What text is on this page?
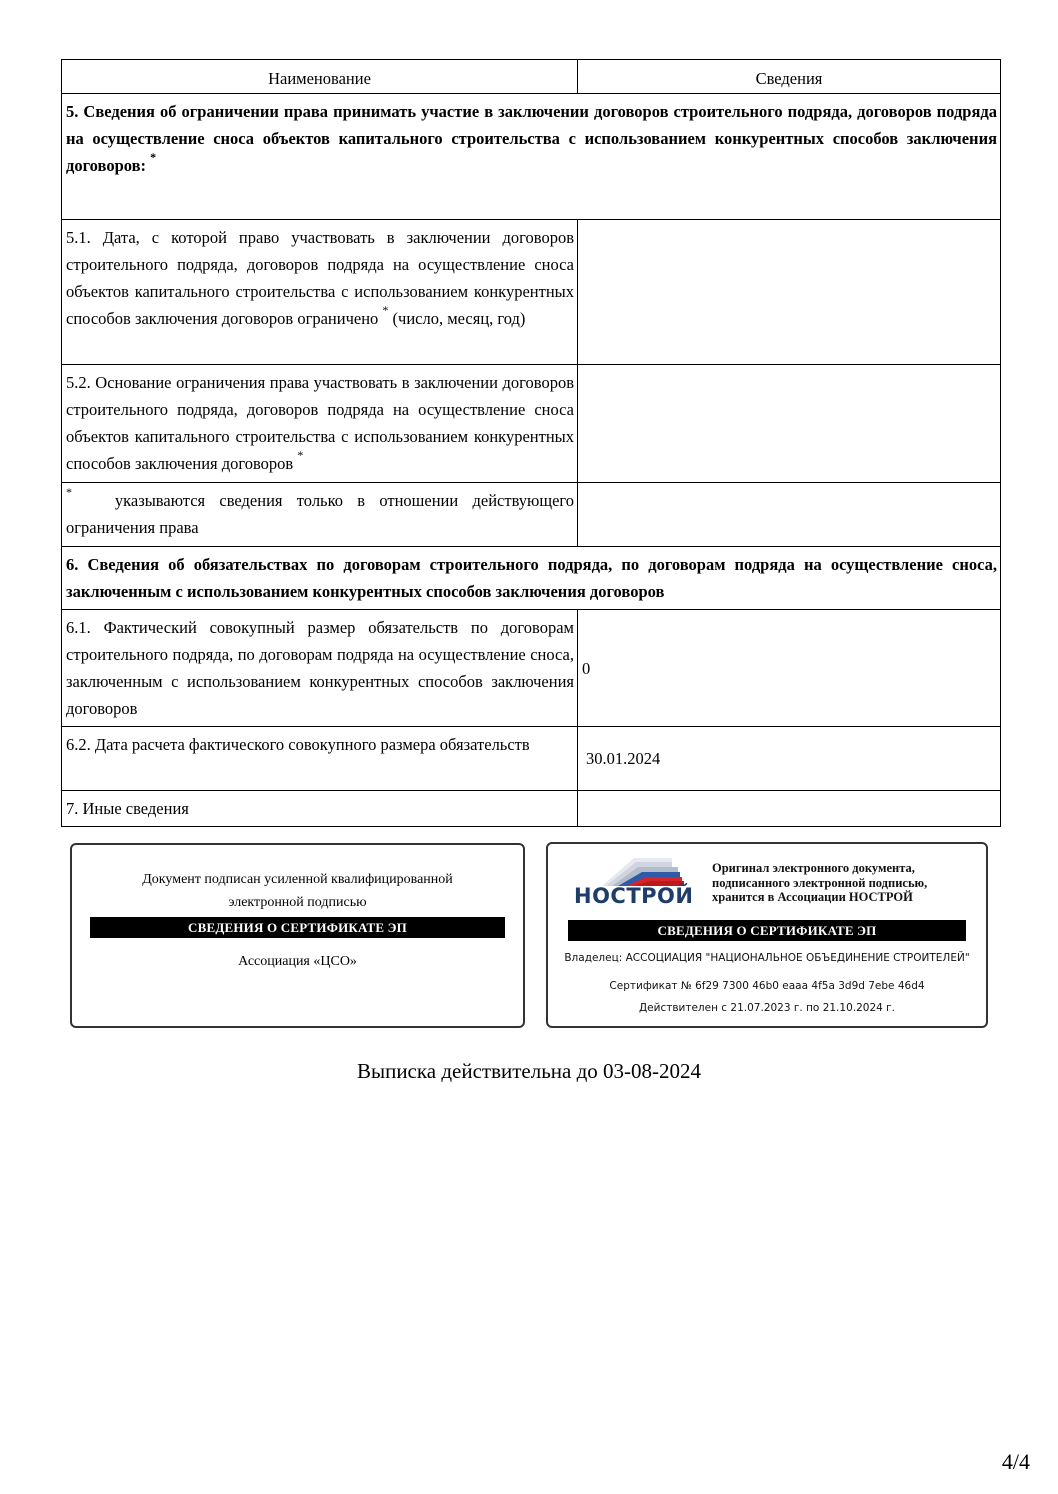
Наименование	Сведения
5. Сведения об ограничении права принимать участие в заключении договоров строительного подряда, договоров подряда на осуществление сноса объектов капитального строительства с использованием конкурентных способов заключения договоров: *
5.1. Дата, с которой право участвовать в заключении договоров строительного подряда, договоров подряда на осуществление сноса объектов капитального строительства с использованием конкурентных способов заключения договоров ограничено * (число, месяц, год)	
5.2. Основание ограничения права участвовать в заключении договоров строительного подряда, договоров подряда на осуществление сноса объектов капитального строительства с использованием конкурентных способов заключения договоров *	
* указываются сведения только в отношении действующего ограничения права	
6. Сведения об обязательствах по договорам строительного подряда, по договорам подряда на осуществление сноса, заключенным с использованием конкурентных способов заключения договоров	
6.1. Фактический совокупный размер обязательств по договорам строительного подряда, по договорам подряда на осуществление сноса, заключенным с использованием конкурентных способов заключения договоров	0
6.2. Дата расчета фактического совокупного размера обязательств	30.01.2024
7. Иные сведения	
Документ подписан усиленной квалифицированной
электронной подписью
СВЕДЕНИЯ О СЕРТИФИКАТЕ ЭП
Ассоциация «ЦСО»
НОСТРОЙ
Оригинал электронного документа,
подписанного электронной подписью,
хранится в Ассоциации НОСТРОЙ
СВЕДЕНИЯ О СЕРТИФИКАТЕ ЭП
Владелец: АССОЦИАЦИЯ "НАЦИОНАЛЬНОЕ ОБЪЕДИНЕНИЕ СТРОИТЕЛЕЙ"
Сертификат № 6f29 7300 46b0 eaaa 4f5a 3d9d 7ebe 46d4
Действителен с 21.07.2023 г. по 21.10.2024 г.
Выписка действительна до 03-08-2024
4/4
